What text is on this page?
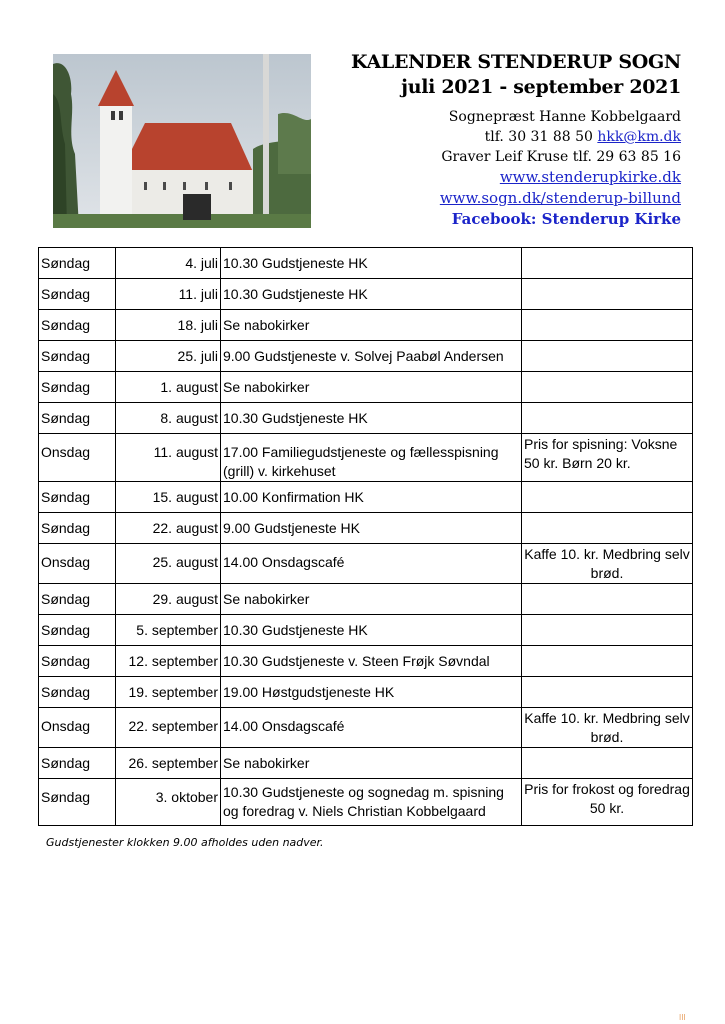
KALENDER STENDERUP SOGN
juli 2021 - september 2021
Sognepræst Hanne Kobbelgaard
tlf. 30 31 88 50 hkk@km.dk
Graver Leif Kruse tlf. 29 63 85 16
www.stenderupkirke.dk
www.sogn.dk/stenderup-billund
Facebook: Stenderup Kirke
Søndag	4. juli	10.30 Gudstjeneste HK	

Søndag	11. juli	10.30 Gudstjeneste HK	

Søndag	18. juli	Se nabokirker	

Søndag	25. juli	9.00 Gudstjeneste v. Solvej Paabøl Andersen	

Søndag	1. august	Se nabokirker	

Søndag	8. august	10.30 Gudstjeneste HK	

Onsdag	11. august	17.00 Familiegudstjeneste og fællesspisning (grill) v. kirkehuset	Pris for spisning: Voksne 50 kr. Børn 20 kr.

Søndag	15. august	10.00 Konfirmation HK	

Søndag	22. august	9.00 Gudstjeneste HK	

Onsdag	25. august	14.00 Onsdagscafé	Kaffe 10. kr. Medbring selv brød.

Søndag	29. august	Se nabokirker	

Søndag	5. september	10.30 Gudstjeneste HK	

Søndag	12. september	10.30 Gudstjeneste v. Steen Frøjk Søvndal	

Søndag	19. september	19.00 Høstgudstjeneste HK	

Onsdag	22. september	14.00 Onsdagscafé	Kaffe 10. kr. Medbring selv brød.

Søndag	26. september	Se nabokirker	

Søndag	3. oktober	10.30 Gudstjeneste og sognedag m. spisning og foredrag v. Niels Christian Kobbelgaard	Pris for frokost og foredrag 50 kr.
Gudstjenester klokken 9.00 afholdes uden nadver.
III
